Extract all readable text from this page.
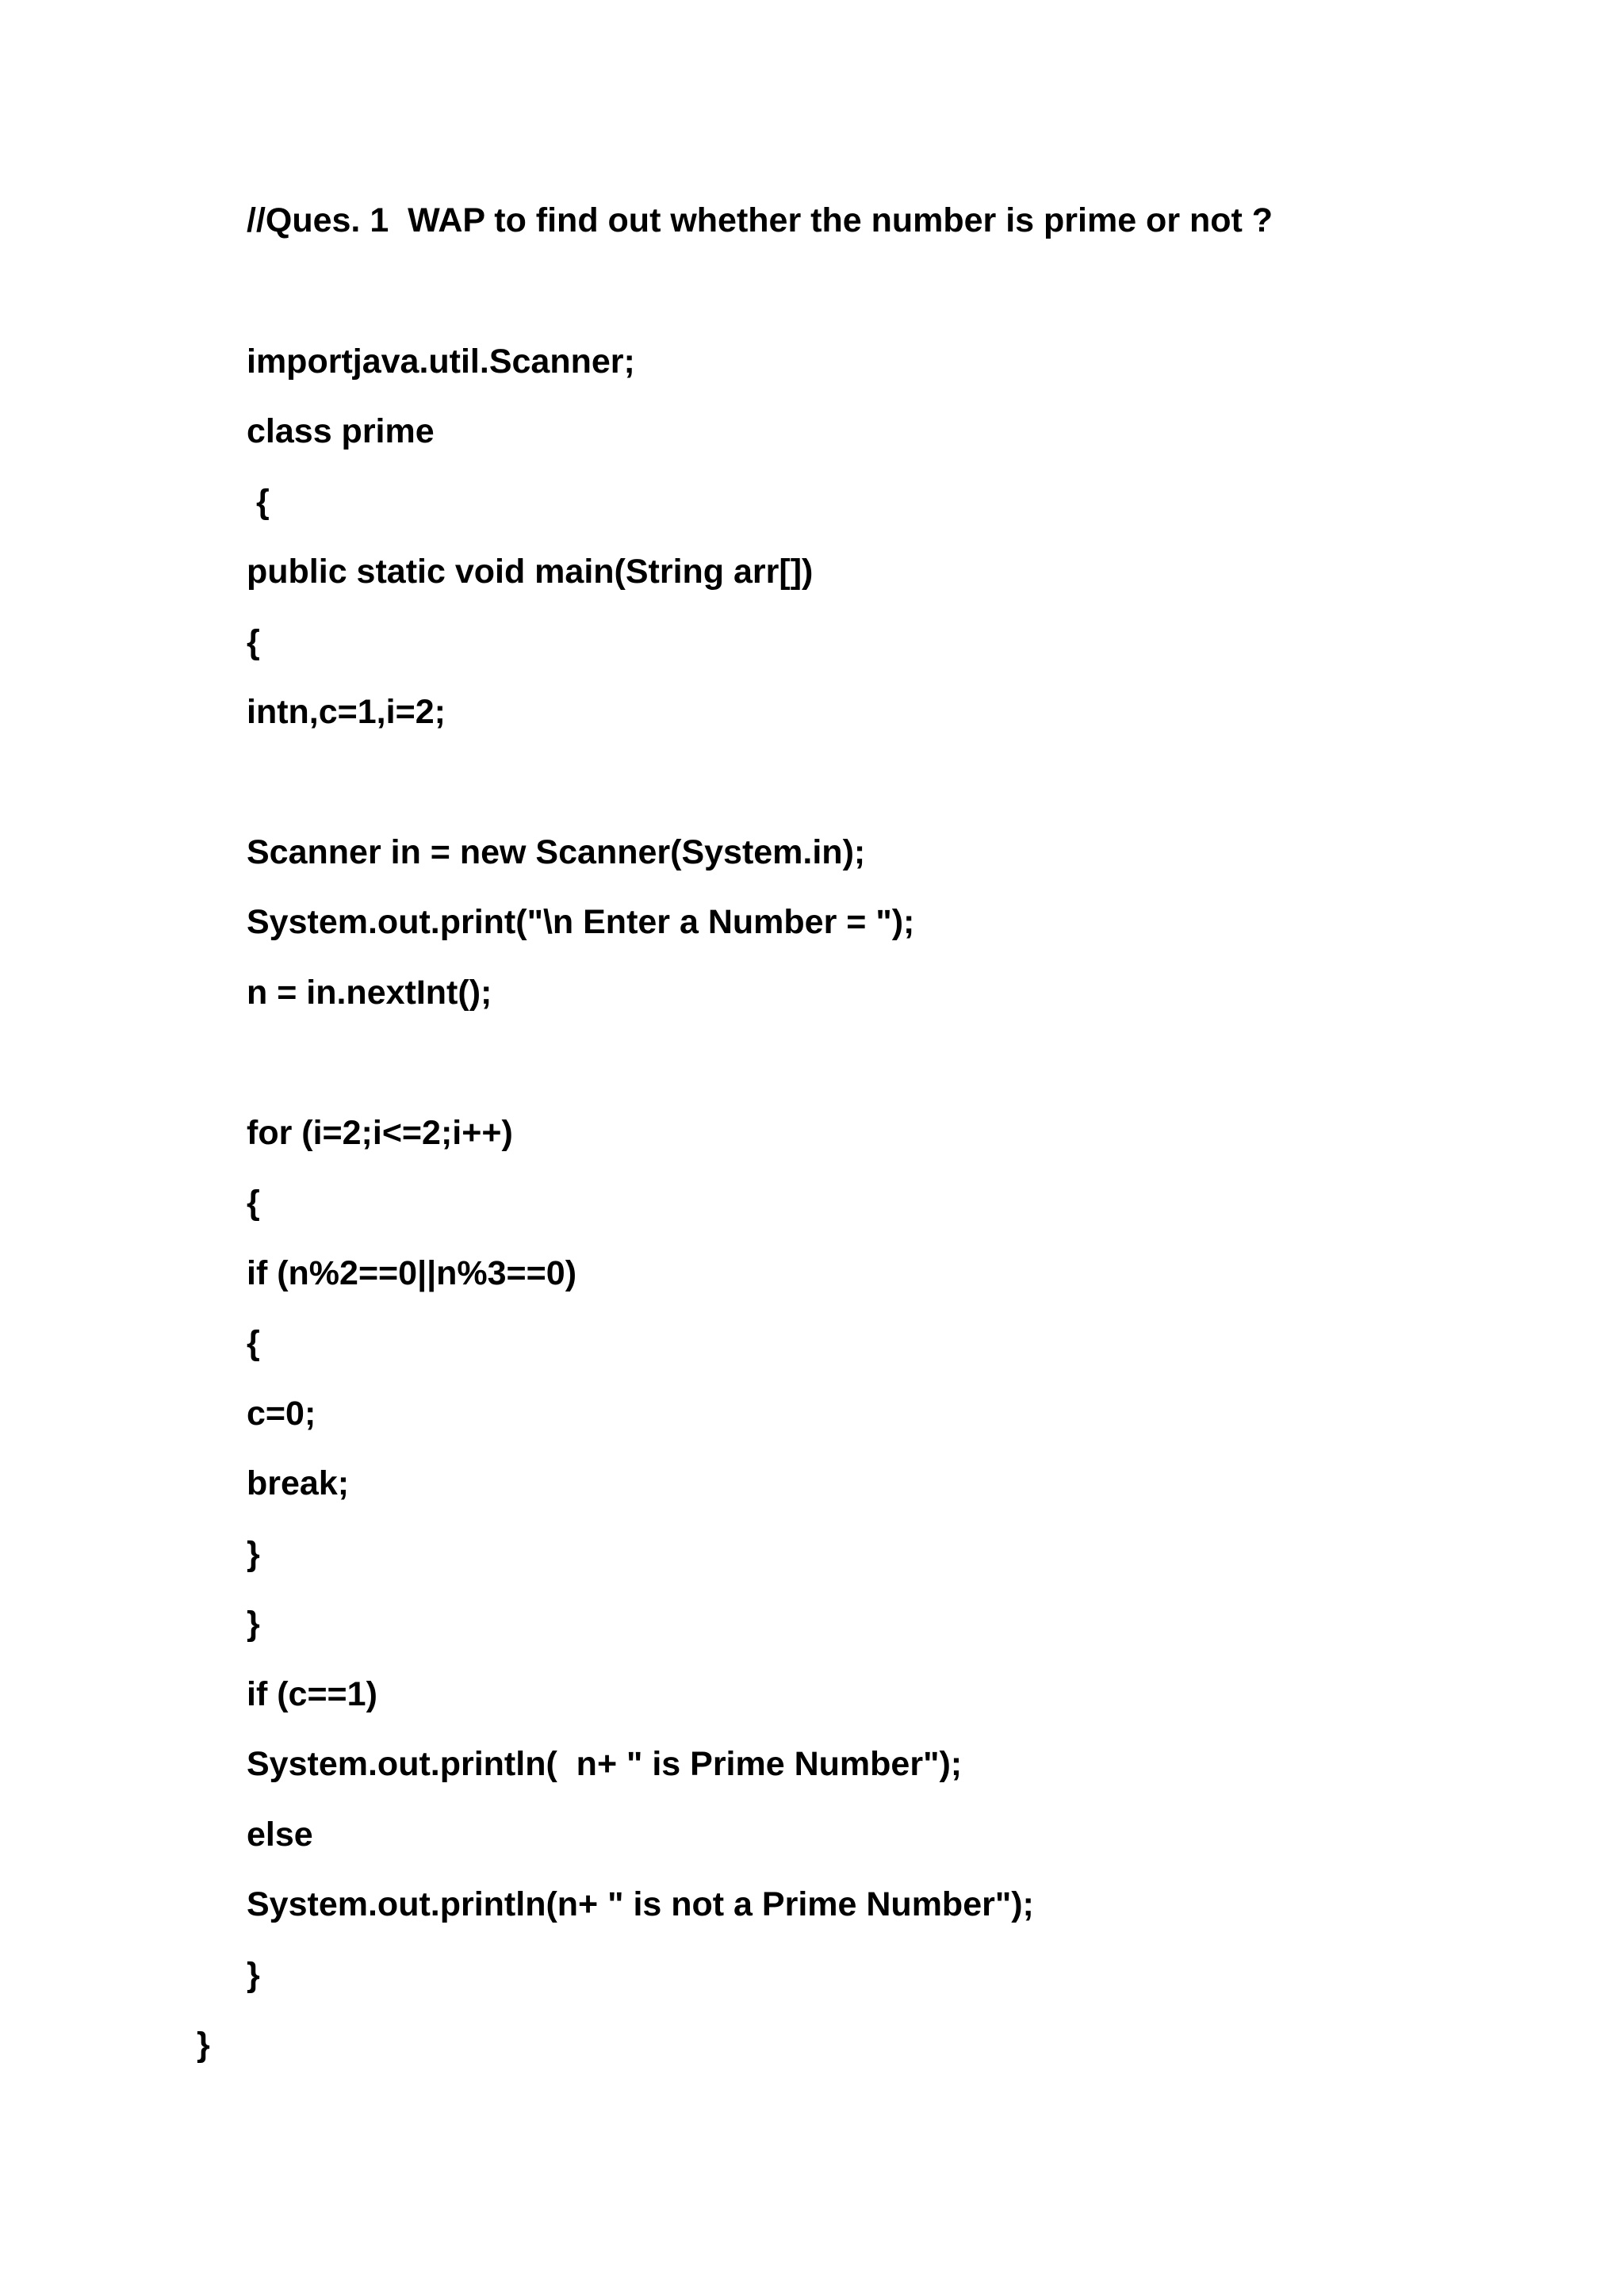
//Ques. 1  WAP to find out whether the number is prime or not ?

importjava.util.Scanner;

class prime

{

public static void main(String arr[])

{

intn,c=1,i=2;

Scanner in = new Scanner(System.in);

System.out.print("\n Enter a Number = ");

n = in.nextInt();

for (i=2;i<=2;i++)

{

if (n%2==0||n%3==0)

{

c=0;

break;

}

}

if (c==1)

System.out.println(  n+ " is Prime Number");

else

System.out.println(n+ " is not a Prime Number");

}

}
